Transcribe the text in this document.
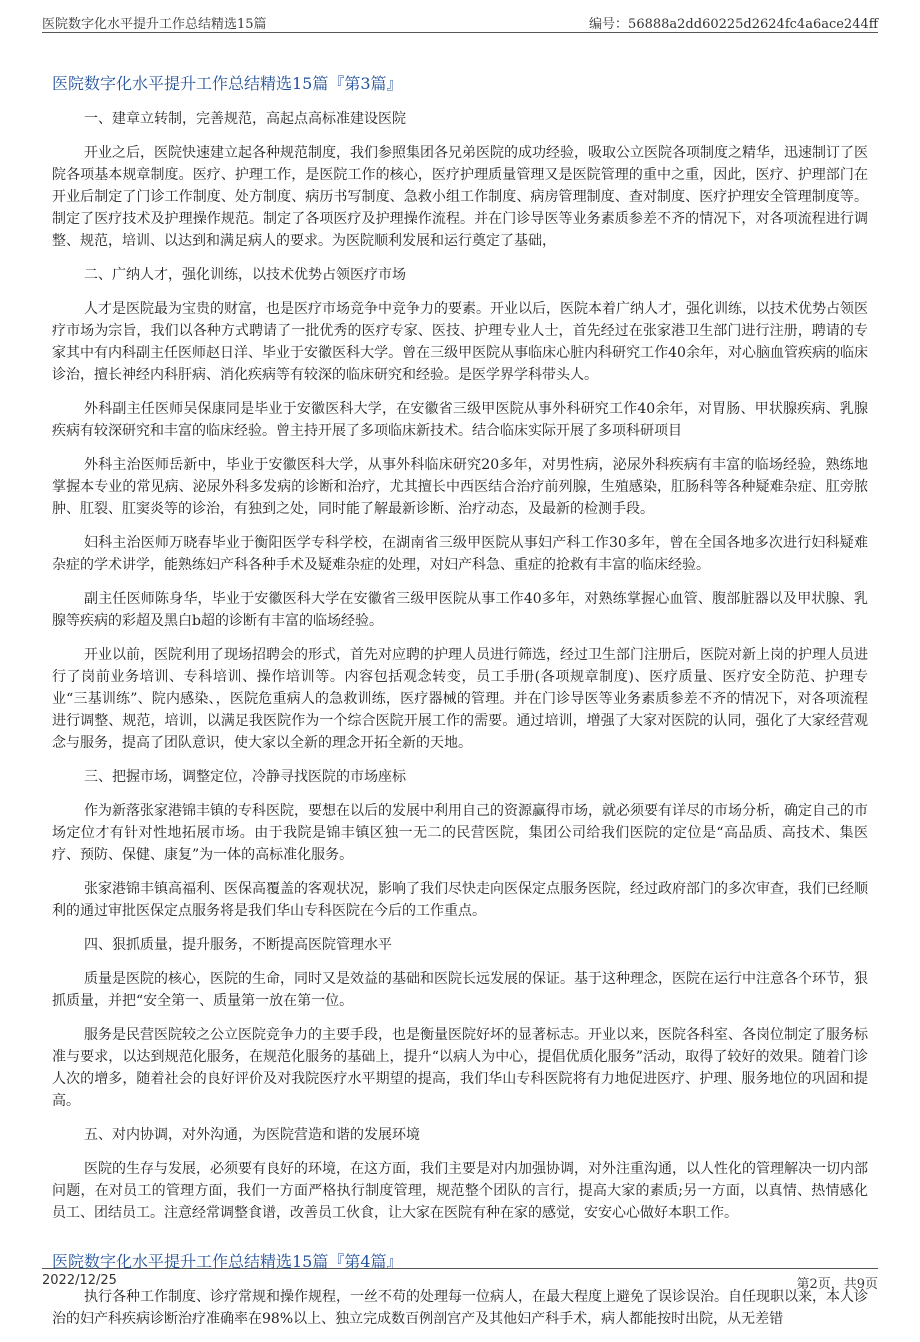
医院数字化水平提升工作总结精选15篇	编号：56888a2dd60225d2624fc4a6ace244ff
医院数字化水平提升工作总结精选15篇『第3篇』
一、建章立转制，完善规范，高起点高标准建设医院
开业之后，医院快速建立起各种规范制度，我们参照集团各兄弟医院的成功经验，吸取公立医院各项制度之精华，迅速制订了医院各项基本规章制度。医疗、护理工作，是医院工作的核心，医疗护理质量管理又是医院管理的重中之重，因此，医疗、护理部门在开业后制定了门诊工作制度、处方制度、病历书写制度、急救小组工作制度、病房管理制度、查对制度、医疗护理安全管理制度等。制定了医疗技术及护理操作规范。制定了各项医疗及护理操作流程。并在门诊导医等业务素质参差不齐的情况下，对各项流程进行调整、规范，培训、以达到和满足病人的要求。为医院顺利发展和运行奠定了基础，
二、广纳人才，强化训练，以技术优势占领医疗市场
人才是医院最为宝贵的财富，也是医疗市场竞争中竞争力的要素。开业以后，医院本着广纳人才，强化训练，以技术优势占领医疗市场为宗旨，我们以各种方式聘请了一批优秀的医疗专家、医技、护理专业人士，首先经过在张家港卫生部门进行注册，聘请的专家其中有内科副主任医师赵日洋、毕业于安徽医科大学。曾在三级甲医院从事临床心脏内科研究工作40余年，对心脑血管疾病的临床诊治，擅长神经内科肝病、消化疾病等有较深的临床研究和经验。是医学界学科带头人。
外科副主任医师吴保康同是毕业于安徽医科大学，在安徽省三级甲医院从事外科研究工作40余年，对胃肠、甲状腺疾病、乳腺疾病有较深研究和丰富的临床经验。曾主持开展了多项临床新技术。结合临床实际开展了多项科研项目
外科主治医师岳新中，毕业于安徽医科大学，从事外科临床研究20多年，对男性病，泌尿外科疾病有丰富的临场经验，熟练地掌握本专业的常见病、泌尿外科多发病的诊断和治疗，尤其擅长中西医结合治疗前列腺，生殖感染，肛肠科等各种疑难杂症、肛旁脓肿、肛裂、肛窦炎等的诊治，有独到之处，同时能了解最新诊断、治疗动态，及最新的检测手段。
妇科主治医师万晓春毕业于衡阳医学专科学校，在湖南省三级甲医院从事妇产科工作30多年，曾在全国各地多次进行妇科疑难杂症的学术讲学，能熟练妇产科各种手术及疑难杂症的处理，对妇产科急、重症的抢救有丰富的临床经验。
副主任医师陈身华，毕业于安徽医科大学在安徽省三级甲医院从事工作40多年，对熟练掌握心血管、腹部脏器以及甲状腺、乳腺等疾病的彩超及黑白b超的诊断有丰富的临场经验。
开业以前，医院利用了现场招聘会的形式，首先对应聘的护理人员进行筛选，经过卫生部门注册后，医院对新上岗的护理人员进行了岗前业务培训、专科培训、操作培训等。内容包括观念转变，员工手册(各项规章制度)、医疗质量、医疗安全防范、护理专业“三基训练”、院内感染、，医院危重病人的急救训练，医疗器械的管理。并在门诊导医等业务素质参差不齐的情况下，对各项流程进行调整、规范，培训，以满足我医院作为一个综合医院开展工作的需要。通过培训，增强了大家对医院的认同，强化了大家经营观念与服务，提高了团队意识，使大家以全新的理念开拓全新的天地。
三、把握市场，调整定位，冷静寻找医院的市场座标
作为新落张家港锦丰镇的专科医院，要想在以后的发展中利用自己的资源赢得市场，就必须要有详尽的市场分析，确定自己的市场定位才有针对性地拓展市场。由于我院是锦丰镇区独一无二的民营医院，集团公司给我们医院的定位是“高品质、高技术、集医疗、预防、保健、康复”为一体的高标准化服务。
张家港锦丰镇高福利、医保高覆盖的客观状况，影响了我们尽快走向医保定点服务医院，经过政府部门的多次审查，我们已经顺利的通过审批医保定点服务将是我们华山专科医院在今后的工作重点。
四、狠抓质量，提升服务，不断提高医院管理水平
质量是医院的核心，医院的生命，同时又是效益的基础和医院长远发展的保证。基于这种理念，医院在运行中注意各个环节，狠抓质量，并把“安全第一、质量第一放在第一位。
服务是民营医院较之公立医院竞争力的主要手段，也是衡量医院好坏的显著标志。开业以来，医院各科室、各岗位制定了服务标准与要求，以达到规范化服务，在规范化服务的基础上，提升“以病人为中心，提倡优质化服务”活动，取得了较好的效果。随着门诊人次的增多，随着社会的良好评价及对我院医疗水平期望的提高，我们华山专科医院将有力地促进医疗、护理、服务地位的巩固和提高。
五、对内协调，对外沟通，为医院营造和谐的发展环境
医院的生存与发展，必须要有良好的环境，在这方面，我们主要是对内加强协调，对外注重沟通，以人性化的管理解决一切内部问题，在对员工的管理方面，我们一方面严格执行制度管理，规范整个团队的言行，提高大家的素质;另一方面，以真情、热情感化员工、团结员工。注意经常调整食谱，改善员工伙食，让大家在医院有种在家的感觉，安安心心做好本职工作。
医院数字化水平提升工作总结精选15篇『第4篇』
执行各种工作制度、诊疗常规和操作规程，一丝不苟的处理每一位病人，在最大程度上避免了误诊误治。自任现职以来，本人诊治的妇产科疾病诊断治疗准确率在98%以上、独立完成数百例剖宫产及其他妇产科手术，病人都能按时出院，从无差错
2022/12/25	第2页，共9页
